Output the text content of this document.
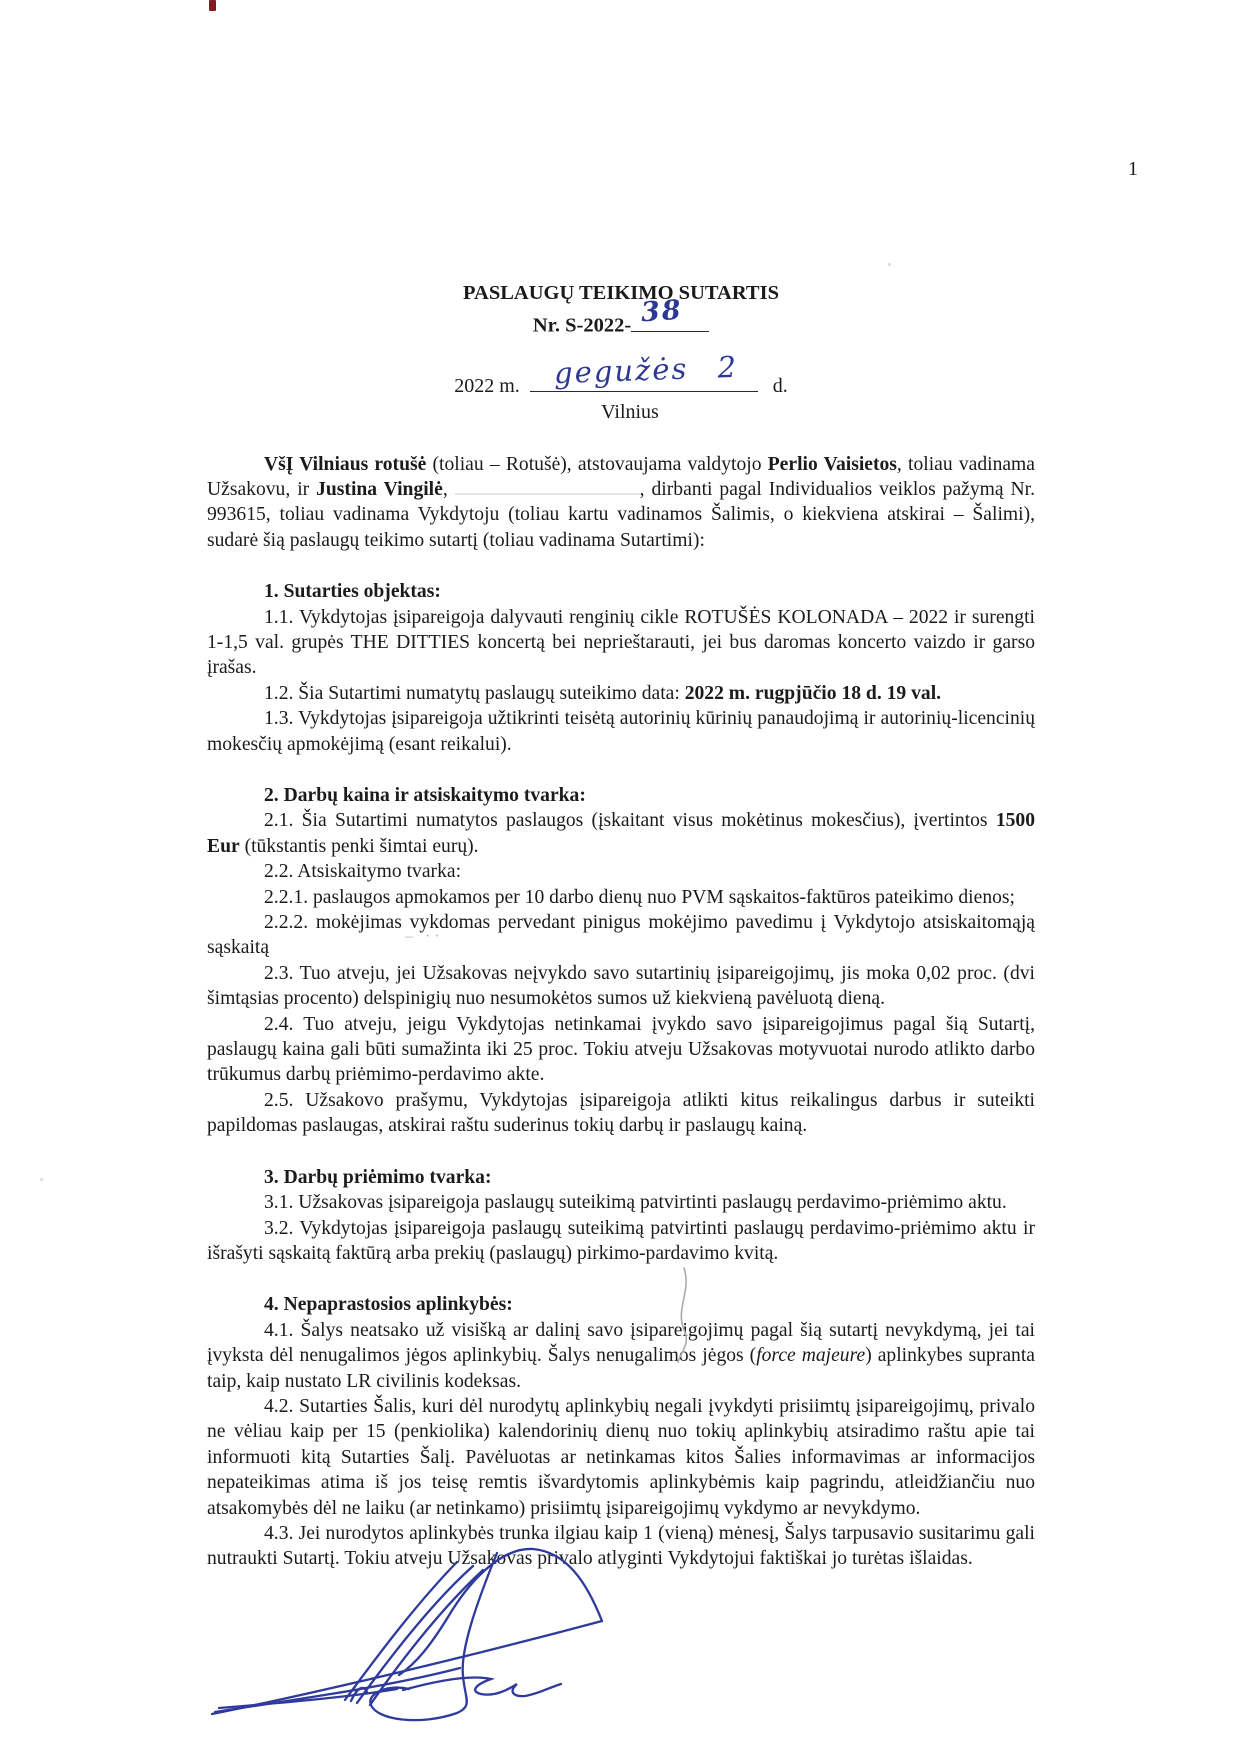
1
PASLAUGŲ TEIKIMO SUTARTIS
Nr. S-2022- 38
2022 m. gegužės 2 d.
Vilnius

VšĮ Vilniaus rotušė (toliau – Rotušė), atstovaujama valdytojo Perlio Vaisietos, toliau vadinama Užsakovu, ir Justina Vingilė,	, dirbanti pagal Individualios veiklos pažymą Nr. 993615, toliau vadinama Vykdytoju (toliau kartu vadinamos Šalimis, o kiekviena atskirai – Šalimi), sudarė šią paslaugų teikimo sutartį (toliau vadinama Sutartimi):

1. Sutarties objektas:

1.1. Vykdytojas įsipareigoja dalyvauti renginių cikle ROTUŠĖS KOLONADA – 2022 ir surengti 1-1,5 val. grupės THE DITTIES koncertą bei neprieštarauti, jei bus daromas koncerto vaizdo ir garso įrašas.

1.2. Šia Sutartimi numatytų paslaugų suteikimo data: 2022 m. rugpjūčio 18 d. 19 val.

1.3. Vykdytojas įsipareigoja užtikrinti teisėtą autorinių kūrinių panaudojimą ir autorinių-licencinių mokesčių apmokėjimą (esant reikalui).

2. Darbų kaina ir atsiskaitymo tvarka:

2.1. Šia Sutartimi numatytos paslaugos (įskaitant visus mokėtinus mokesčius), įvertintos 1500 Eur (tūkstantis penki šimtai eurų).

2.2. Atsiskaitymo tvarka:

2.2.1. paslaugos apmokamos per 10 darbo dienų nuo PVM sąskaitos-faktūros pateikimo dienos;

2.2.2. mokėjimas vykdomas pervedant pinigus mokėjimo pavedimu į Vykdytojo atsiskaitomąją sąskaitą

2.3. Tuo atveju, jei Užsakovas neįvykdo savo sutartinių įsipareigojimų, jis moka 0,02 proc. (dvi šimtąsias procento) delspinigių nuo nesumokėtos sumos už kiekvieną pavėluotą dieną.

2.4. Tuo atveju, jeigu Vykdytojas netinkamai įvykdo savo įsipareigojimus pagal šią Sutartį, paslaugų kaina gali būti sumažinta iki 25 proc. Tokiu atveju Užsakovas motyvuotai nurodo atlikto darbo trūkumus darbų priėmimo-perdavimo akte.

2.5. Užsakovo prašymu, Vykdytojas įsipareigoja atlikti kitus reikalingus darbus ir suteikti papildomas paslaugas, atskirai raštu suderinus tokių darbų ir paslaugų kainą.

3. Darbų priėmimo tvarka:

3.1. Užsakovas įsipareigoja paslaugų suteikimą patvirtinti paslaugų perdavimo-priėmimo aktu.

3.2. Vykdytojas įsipareigoja paslaugų suteikimą patvirtinti paslaugų perdavimo-priėmimo aktu ir išrašyti sąskaitą faktūrą arba prekių (paslaugų) pirkimo-pardavimo kvitą.

4. Nepaprastosios aplinkybės:

4.1. Šalys neatsako už visišką ar dalinį savo įsipareigojimų pagal šią sutartį nevykdymą, jei tai įvyksta dėl nenugalimos jėgos aplinkybių. Šalys nenugalimos jėgos (force majeure) aplinkybes supranta taip, kaip nustato LR civilinis kodeksas.

4.2. Sutarties Šalis, kuri dėl nurodytų aplinkybių negali įvykdyti prisiimtų įsipareigojimų, privalo ne vėliau kaip per 15 (penkiolika) kalendorinių dienų nuo tokių aplinkybių atsiradimo raštu apie tai informuoti kitą Sutarties Šalį. Pavėluotas ar netinkamas kitos Šalies informavimas ar informacijos nepateikimas atima iš jos teisę remtis išvardytomis aplinkybėmis kaip pagrindu, atleidžiančiu nuo atsakomybės dėl ne laiku (ar netinkamo) prisiimtų įsipareigojimų vykdymo ar nevykdymo.

4.3. Jei nurodytos aplinkybės trunka ilgiau kaip 1 (vieną) mėnesį, Šalys tarpusavio susitarimu gali nutraukti Sutartį. Tokiu atveju Užsakovas privalo atlyginti Vykdytojui faktiškai jo turėtas išlaidas.

– ··
